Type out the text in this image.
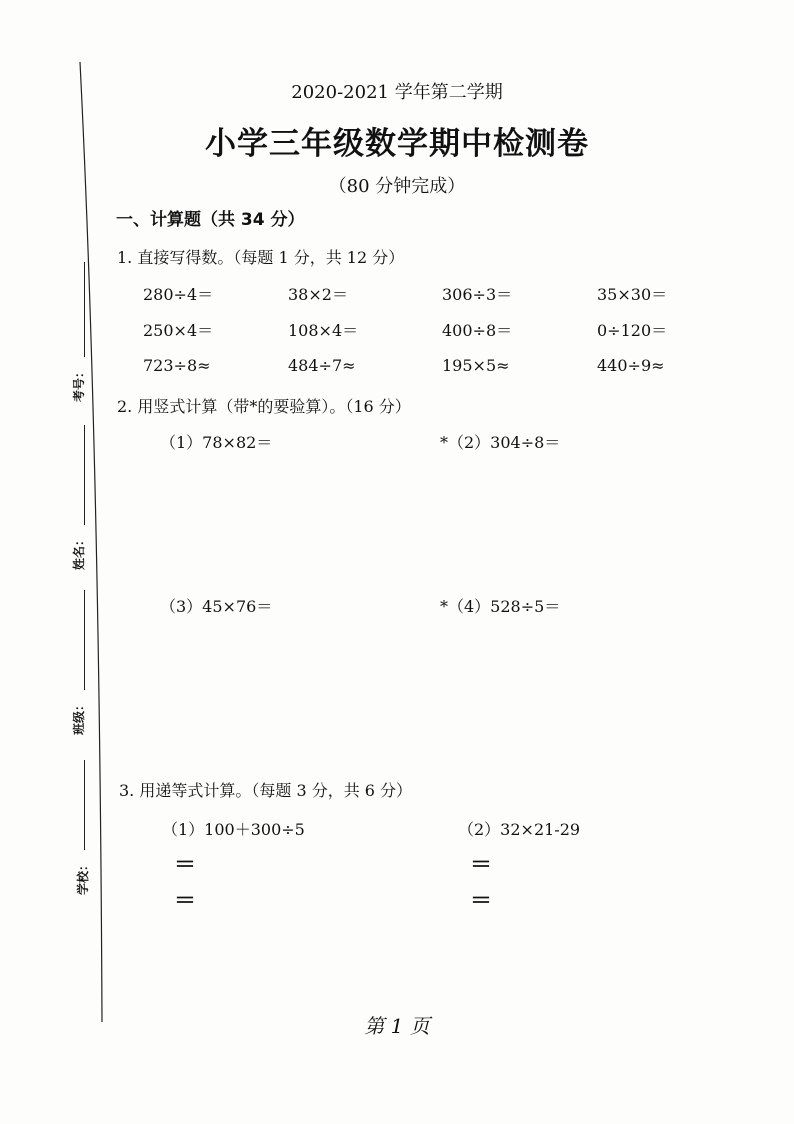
考号：
姓名：
班级：
学校：
2020-2021 学年第二学期
小学三年级数学期中检测卷
（80 分钟完成）
一、计算题（共 34 分）
1. 直接写得数。（每题 1 分，共 12 分）
280÷4＝	38×2＝	306÷3＝	35×30＝
250×4＝	108×4＝	400÷8＝	0÷120＝
723÷8≈	484÷7≈	195×5≈	440÷9≈
2. 用竖式计算（带*的要验算）。（16 分）
（1）78×82＝	*（2）304÷8＝
（3）45×76＝	*（4）528÷5＝
3. 用递等式计算。（每题 3 分，共 6 分）
（1）100＋300÷5	（2）32×21-29
＝
＝
＝
＝
第 1 页
